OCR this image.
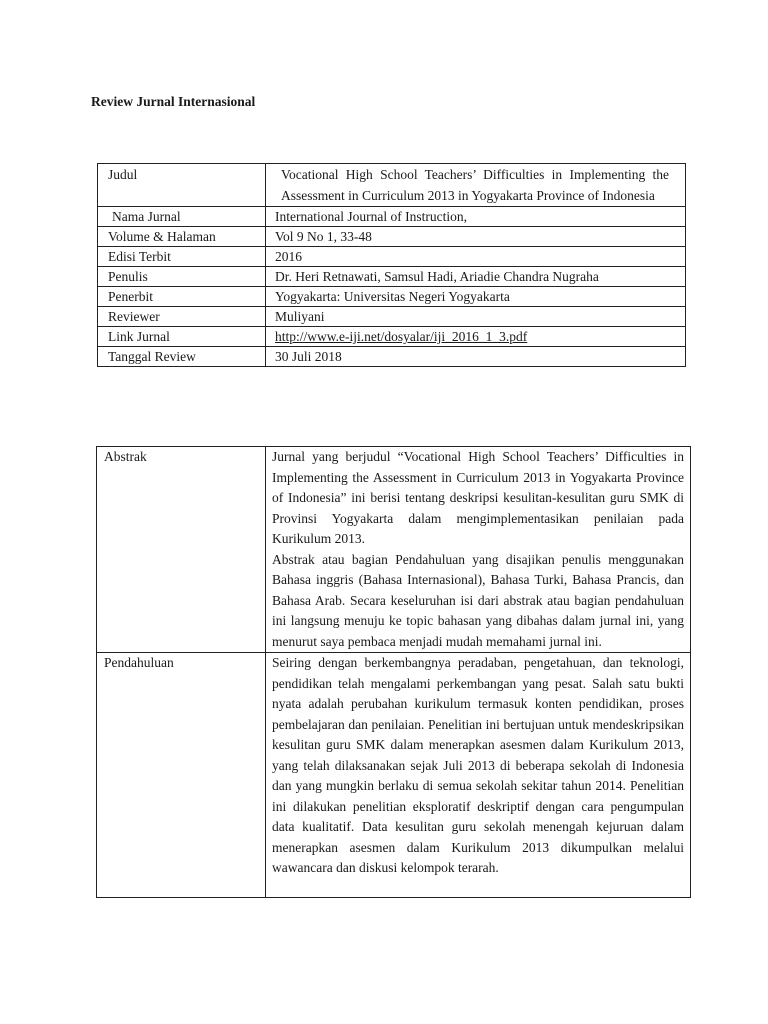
Review Jurnal Internasional
Judul	Vocational High School Teachers’ Difficulties in Implementing the Assessment in Curriculum 2013 in Yogyakarta Province of Indonesia
Nama Jurnal	International Journal of Instruction,
Volume & Halaman	Vol 9 No 1, 33-48
Edisi Terbit	2016
Penulis	Dr. Heri Retnawati, Samsul Hadi, Ariadie Chandra Nugraha
Penerbit	Yogyakarta: Universitas Negeri Yogyakarta
Reviewer	Muliyani
Link Jurnal	http://www.e-iji.net/dosyalar/iji_2016_1_3.pdf
Tanggal Review	30 Juli 2018
Abstrak	Jurnal yang berjudul “Vocational High School Teachers’ Difficulties in Implementing the Assessment in Curriculum 2013 in Yogyakarta Province of Indonesia” ini berisi tentang deskripsi kesulitan-kesulitan guru SMK di Provinsi Yogyakarta dalam mengimplementasikan penilaian pada Kurikulum 2013.

Abstrak atau bagian Pendahuluan yang disajikan penulis menggunakan Bahasa inggris (Bahasa Internasional), Bahasa Turki, Bahasa Prancis, dan Bahasa Arab. Secara keseluruhan isi dari abstrak atau bagian pendahuluan ini langsung menuju ke topic bahasan yang dibahas dalam jurnal ini, yang menurut saya pembaca menjadi mudah memahami jurnal ini.

Pendahuluan	Seiring dengan berkembangnya peradaban, pengetahuan, dan teknologi, pendidikan telah mengalami perkembangan yang pesat. Salah satu bukti nyata adalah perubahan kurikulum termasuk konten pendidikan, proses pembelajaran dan penilaian. Penelitian ini bertujuan untuk mendeskripsikan kesulitan guru SMK dalam menerapkan asesmen dalam Kurikulum 2013, yang telah dilaksanakan sejak Juli 2013 di beberapa sekolah di Indonesia dan yang mungkin berlaku di semua sekolah sekitar tahun 2014. Penelitian ini dilakukan penelitian eksploratif deskriptif dengan cara pengumpulan data kualitatif. Data kesulitan guru sekolah menengah kejuruan dalam menerapkan asesmen dalam Kurikulum 2013 dikumpulkan melalui wawancara dan diskusi kelompok terarah.
